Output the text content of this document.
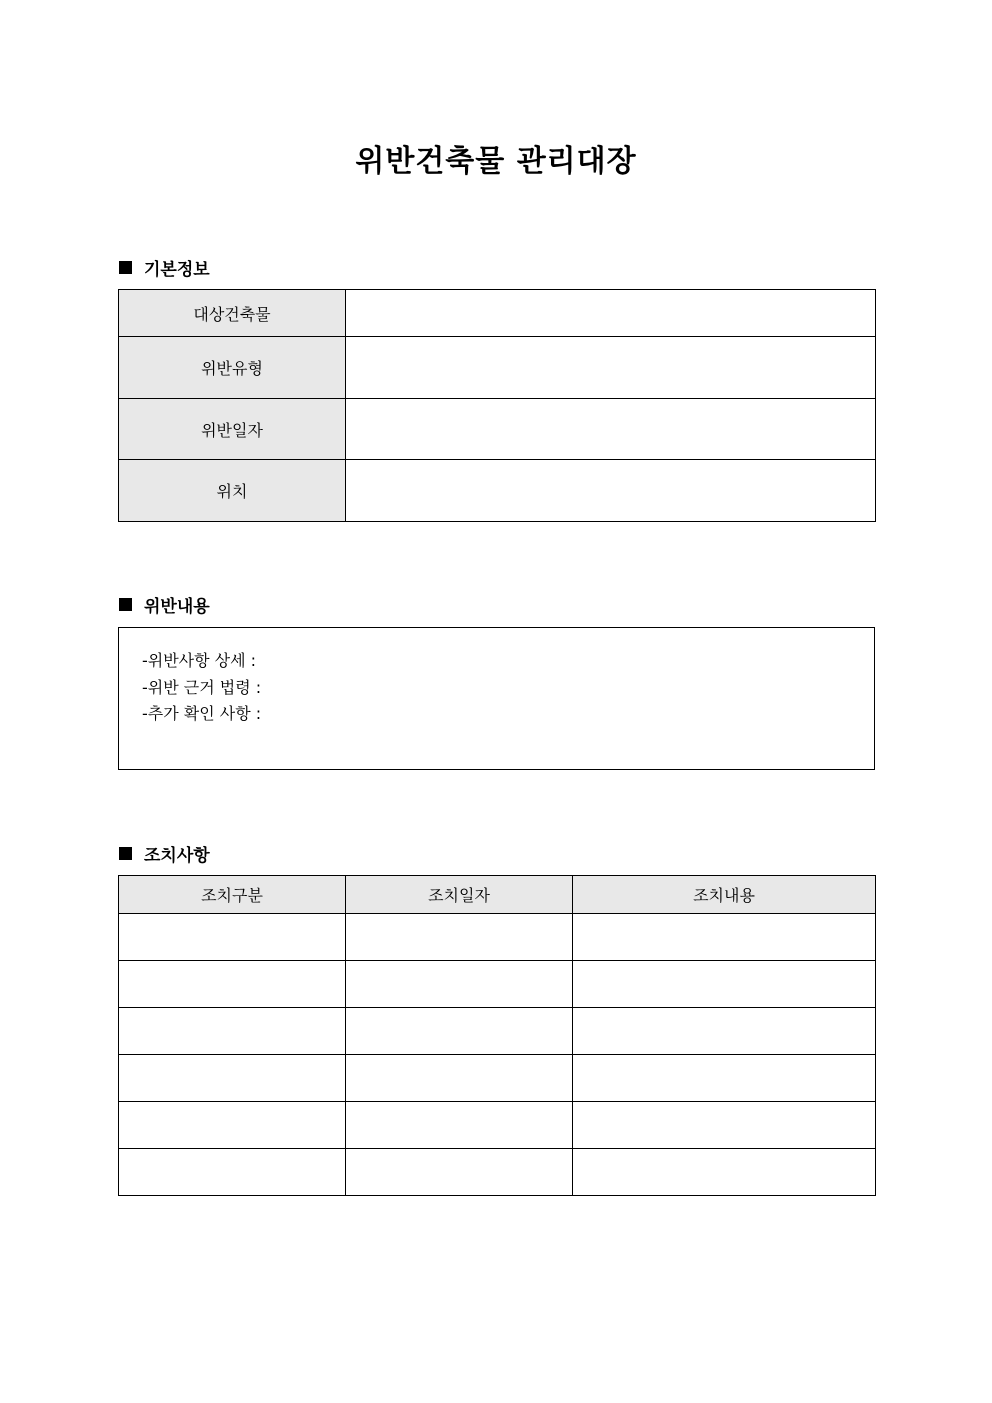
위반건축물 관리대장
기본정보
대상건축물	
위반유형	
위반일자	
위치	
위반내용
-위반사항 상세 :
-위반 근거 법령 :
-추가 확인 사항 :
조치사항
조치구분	조치일자	조치내용
